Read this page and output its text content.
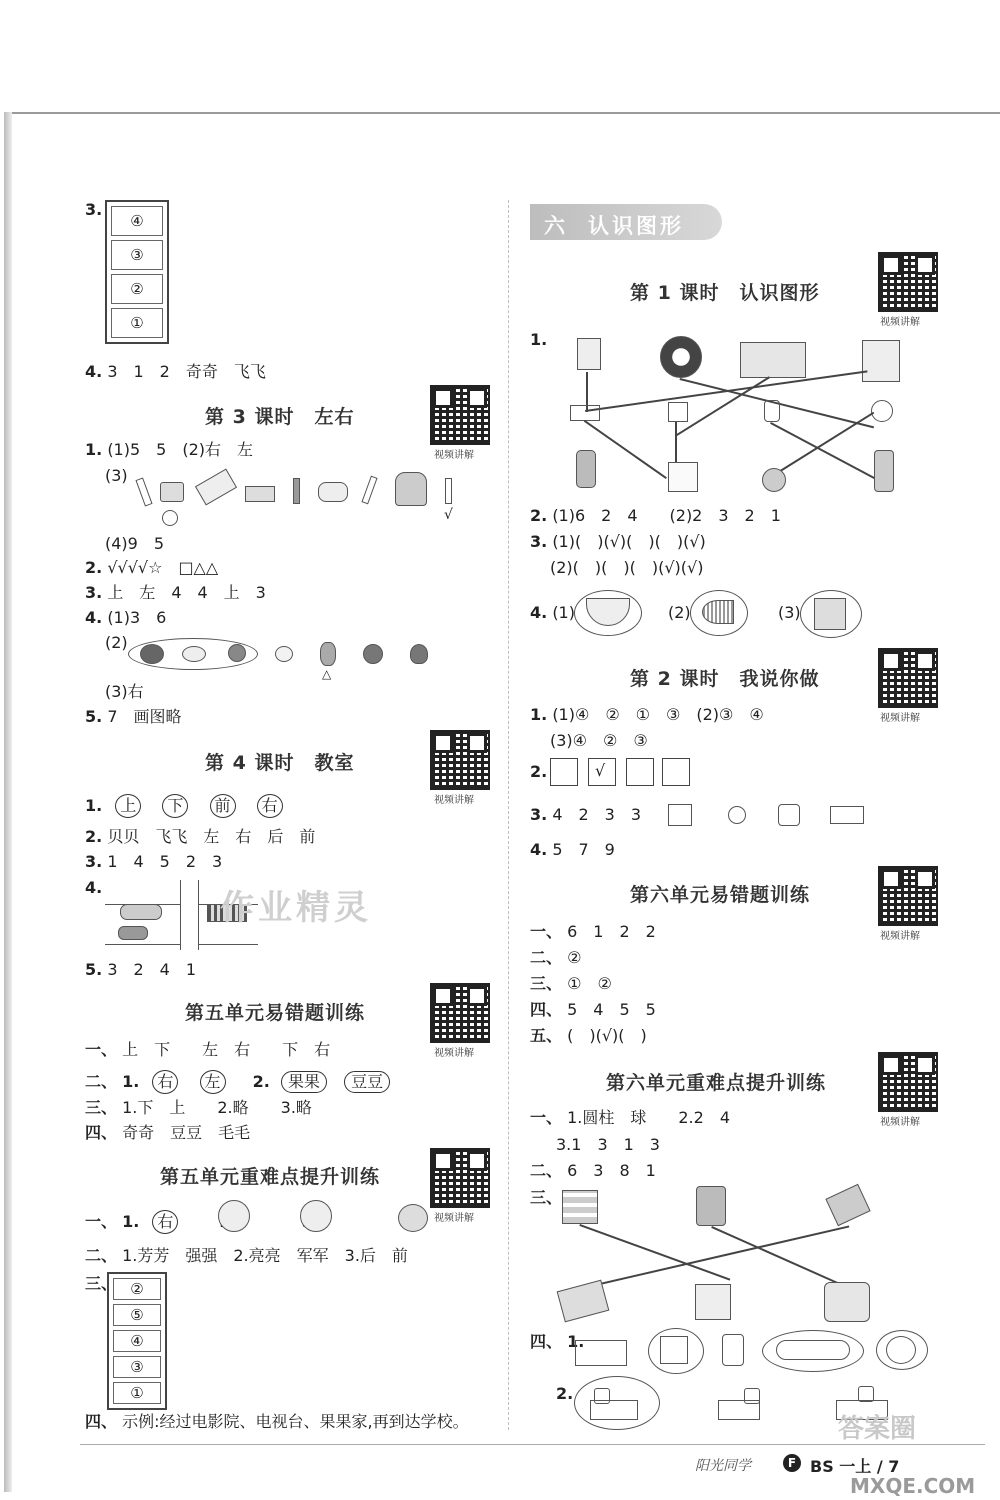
3.
④
③
②
①
4. 3　1　2　奇奇　飞飞
第 3 课时　左右
视频讲解
1. (1)5　5　(2)右　左
(3)
√
(4)9　5
2. √√√√☆　□△△
3. 上　左　4　4　上　3
4. (1)3　6
(2)
△
(3)右
5. 7　画图略
第 4 课时　教室
视频讲解
1. 上 下 前 右
2. 贝贝　飞飞　左　右　后　前
3. 1　4　5　2　3
4.
5. 3　2　4　1
作业精灵
第五单元易错题训练
视频讲解
一、 上　下　　左　右　　下　右
二、 1. 右 左 2. 果果 豆豆
三、 1.下　上　　2.略　　3.略
四、 奇奇　豆豆　毛毛
第五单元重难点提升训练
视频讲解
一、 1. 右
二、 1.芳芳　强强　2.亮亮　军军　3.后　前
三、 ②
⑤
④
③
①
四、 示例:经过电影院、电视台、果果家,再到达学校。
六 认识图形
第 1 课时　认识图形
视频讲解
1.
2. (1)6　2　4　　(2)2　3　2　1
3. (1)(　)(√)(　)(　)(√)
(2)(　)(　)(　)(√)(√)
4. (1)	(2)	(3)
第 2 课时　我说你做
视频讲解
1. (1)④　②　①　③　(2)③　④
(3)④　②　③
2.	√
3. 4　2　3　3
4. 5　7　9
第六单元易错题训练
视频讲解
一、 6　1　2　2
二、 ②
三、 ①　②
四、 5　4　5　5
五、 (　)(√)(　)
第六单元重难点提升训练
视频讲解
一、 1.圆柱　球　　2.2　4
3.1　3　1　3
二、 6　3　8　1
三、
四、 1.
2.
阳光同学	F BS 一上 / 7
答案圈
MXQE.COM
